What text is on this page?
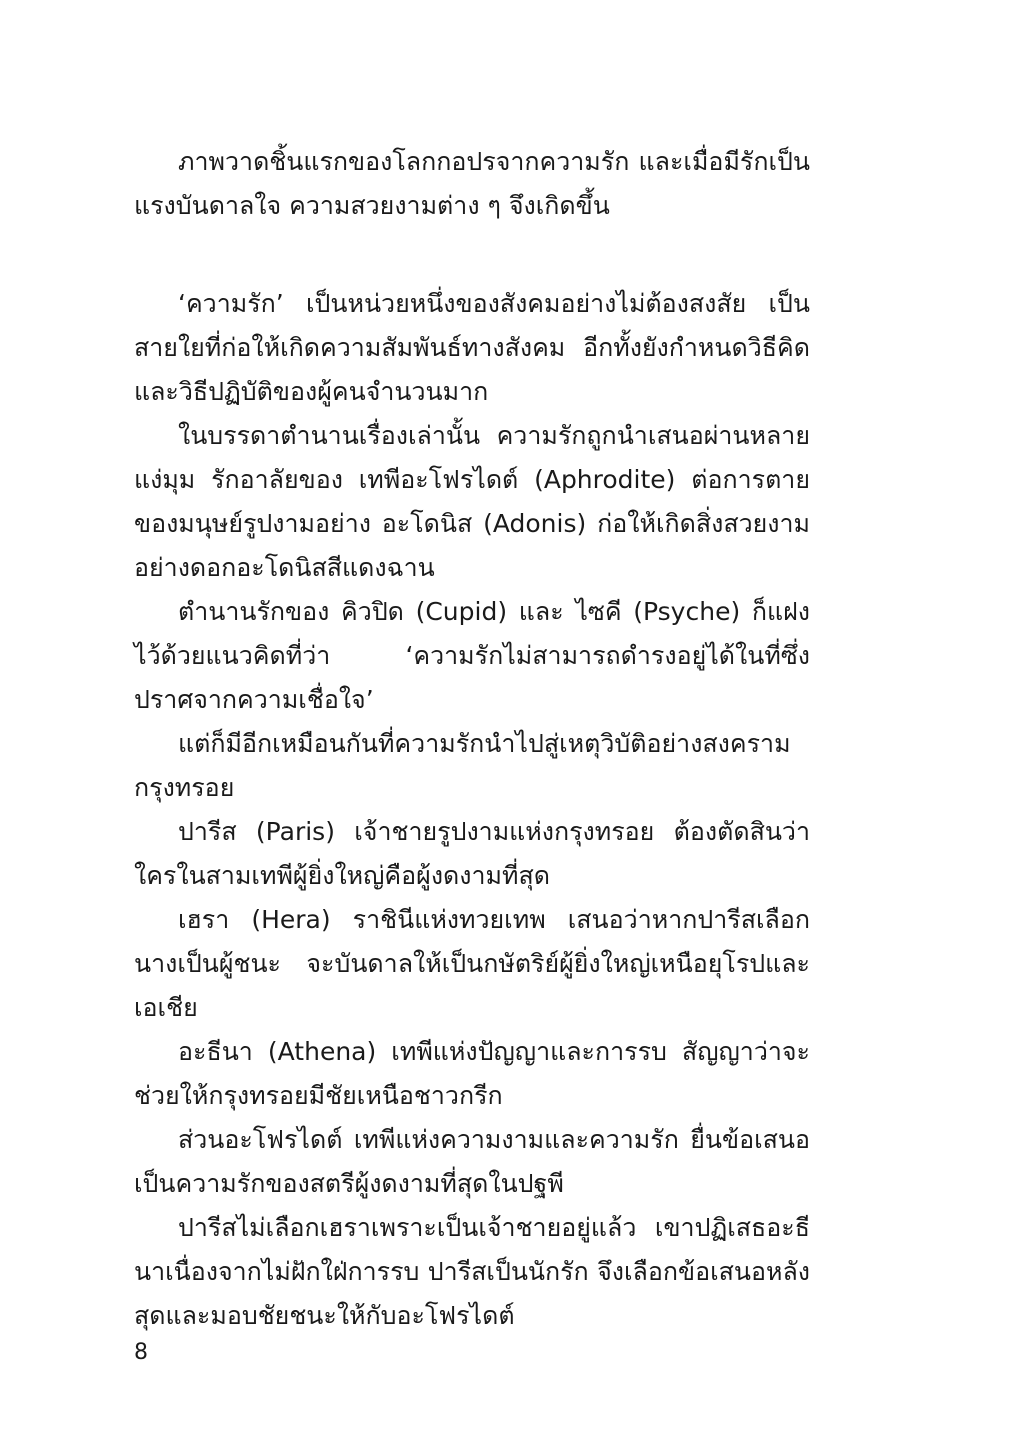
ภาพวาดชิ้นแรกของโลกกอปรจากความรัก และเมื่อมีรักเป็นแรงบันดาลใจ ความสวยงามต่าง ๆ จึงเกิดขึ้น

‘ความรัก’ เป็นหน่วยหนึ่งของสังคมอย่างไม่ต้องสงสัย เป็นสายใยที่ก่อให้เกิดความสัมพันธ์ทางสังคม อีกทั้งยังกำหนดวิธีคิดและวิธีปฏิบัติของผู้คนจำนวนมาก

ในบรรดาตำนานเรื่องเล่านั้น ความรักถูกนำเสนอผ่านหลายแง่มุม รักอาลัยของ เทพีอะโฟรไดต์ (Aphrodite) ต่อการตายของมนุษย์รูปงามอย่าง อะโดนิส (Adonis) ก่อให้เกิดสิ่งสวยงามอย่างดอกอะโดนิสสีแดงฉาน

ตำนานรักของ คิวปิด (Cupid) และ ไซคี (Psyche) ก็แฝงไว้ด้วยแนวคิดที่ว่า ‘ความรักไม่สามารถดำรงอยู่ได้ในที่ซึ่งปราศจากความเชื่อใจ’

แต่ก็มีอีกเหมือนกันที่ความรักนำไปสู่เหตุวิบัติอย่างสงครามกรุงทรอย

ปารีส (Paris) เจ้าชายรูปงามแห่งกรุงทรอย ต้องตัดสินว่าใครในสามเทพีผู้ยิ่งใหญ่คือผู้งดงามที่สุด

เฮรา (Hera) ราชินีแห่งทวยเทพ เสนอว่าหากปารีสเลือกนางเป็นผู้ชนะ จะบันดาลให้เป็นกษัตริย์ผู้ยิ่งใหญ่เหนือยุโรปและเอเชีย

อะธีนา (Athena) เทพีแห่งปัญญาและการรบ สัญญาว่าจะช่วยให้กรุงทรอยมีชัยเหนือชาวกรีก

ส่วนอะโฟรไดต์ เทพีแห่งความงามและความรัก ยื่นข้อเสนอเป็นความรักของสตรีผู้งดงามที่สุดในปฐพี

ปารีสไม่เลือกเฮราเพราะเป็นเจ้าชายอยู่แล้ว เขาปฏิเสธอะธีนาเนื่องจากไม่ฝักใฝ่การรบ ปารีสเป็นนักรัก จึงเลือกข้อเสนอหลังสุดและมอบชัยชนะให้กับอะโฟรไดต์

8
